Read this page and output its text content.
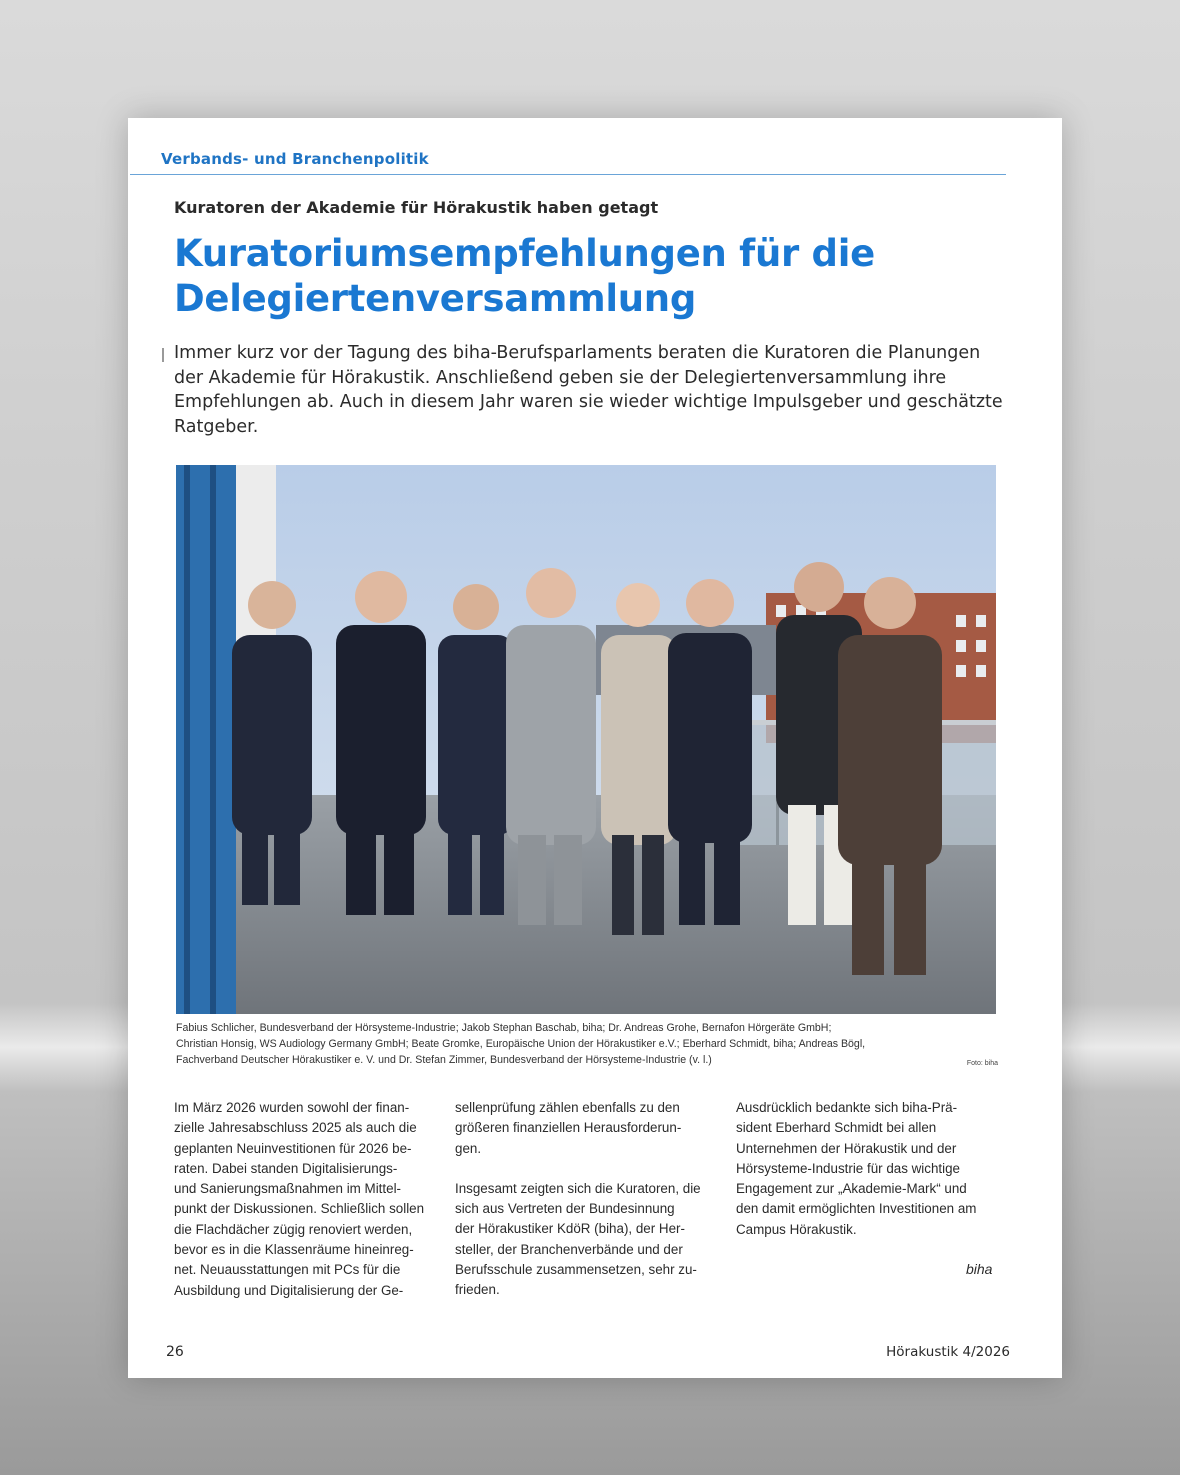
Verbands- und Branchenpolitik
Kuratoren der Akademie für Hörakustik haben getagt
Kuratoriumsempfehlungen für die
Delegiertenversammlung
Immer kurz vor der Tagung des biha-Berufsparlaments beraten die Kuratoren die Planungen
der Akademie für Hörakustik. Anschließend geben sie der Delegiertenversammlung ihre
Empfehlungen ab. Auch in diesem Jahr waren sie wieder wichtige Impulsgeber und geschätzte
Ratgeber.
Fabius Schlicher, Bundesverband der Hörsysteme-Industrie; Jakob Stephan Baschab, biha; Dr. Andreas Grohe, Bernafon Hörgeräte GmbH;
Christian Honsig, WS Audiology Germany GmbH; Beate Gromke, Europäische Union der Hörakustiker e.V.; Eberhard Schmidt, biha; Andreas Bögl,
Fachverband Deutscher Hörakustiker e. V. und Dr. Stefan Zimmer, Bundesverband der Hörsysteme-Industrie (v. l.)	Foto: biha
Im März 2026 wurden sowohl der finan-
zielle Jahresabschluss 2025 als auch die
geplanten Neuinvestitionen für 2026 be-
raten. Dabei standen Digitalisierungs-
und Sanierungsmaßnahmen im Mittel-
punkt der Diskussionen. Schließlich sollen
die Flachdächer zügig renoviert werden,
bevor es in die Klassenräume hineinreg-
net. Neuausstattungen mit PCs für die
Ausbildung und Digitalisierung der Ge-
sellenprüfung zählen ebenfalls zu den
größeren finanziellen Herausforderun-
gen.
Insgesamt zeigten sich die Kuratoren, die
sich aus Vertreten der Bundesinnung
der Hörakustiker KdöR (biha), der Her-
steller, der Branchenverbände und der
Berufsschule zusammensetzen, sehr zu-
frieden.
Ausdrücklich bedankte sich biha-Prä-
sident Eberhard Schmidt bei allen
Unternehmen der Hörakustik und der
Hörsysteme-Industrie für das wichtige
Engagement zur „Akademie-Mark“ und
den damit ermöglichten Investitionen am
Campus Hörakustik.
biha
26	Hörakustik 4/2026
